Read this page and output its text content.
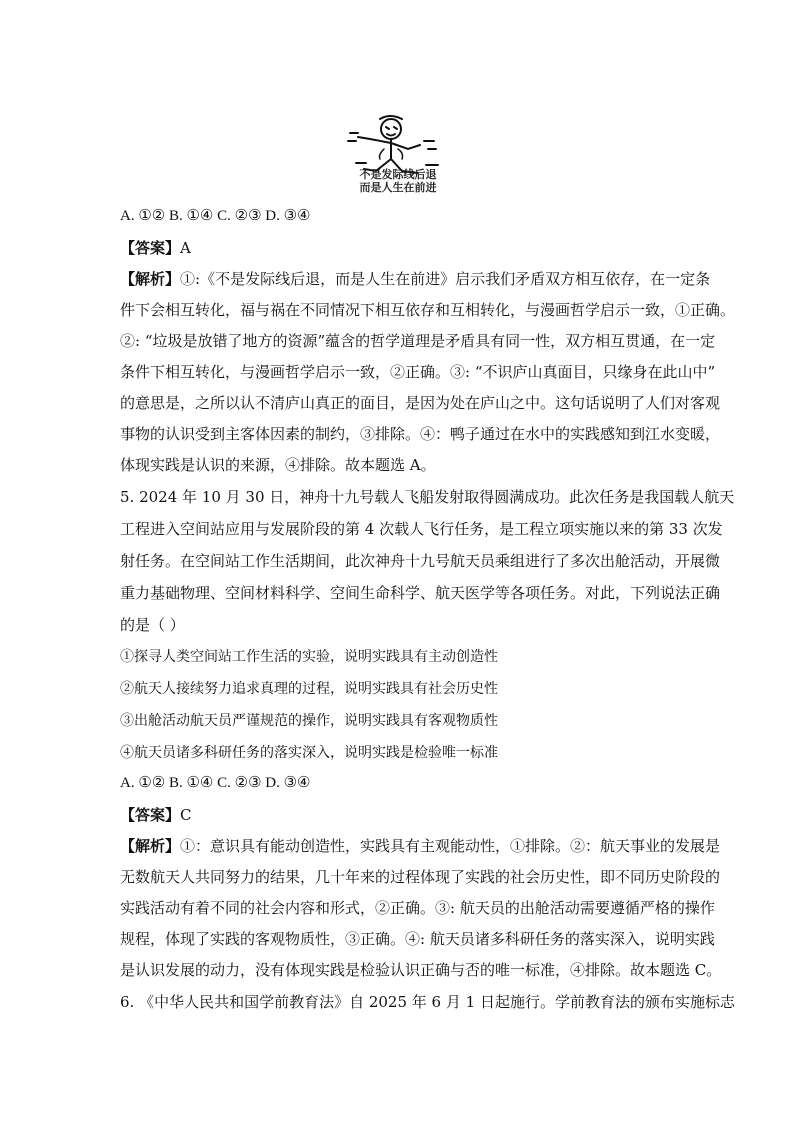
不是发际线后退
而是人生在前进
A. ①② B. ①④ C. ②③ D. ③④
【答案】A
【解析】①:《不是发际线后退，而是人生在前进》启示我们矛盾双方相互依存，在一定条
件下会相互转化，福与祸在不同情况下相互依存和互相转化，与漫画哲学启示一致，①正确。
②: “垃圾是放错了地方的资源”蕴含的哲学道理是矛盾具有同一性，双方相互贯通，在一定
条件下相互转化，与漫画哲学启示一致，②正确。③: “不识庐山真面目，只缘身在此山中”
的意思是，之所以认不清庐山真正的面目，是因为处在庐山之中。这句话说明了人们对客观
事物的认识受到主客体因素的制约，③排除。④：鸭子通过在水中的实践感知到江水变暖，
体现实践是认识的来源，④排除。故本题选 A。
5. 2024 年 10 月 30 日，神舟十九号载人飞船发射取得圆满成功。此次任务是我国载人航天
工程进入空间站应用与发展阶段的第 4 次载人飞行任务，是工程立项实施以来的第 33 次发
射任务。在空间站工作生活期间，此次神舟十九号航天员乘组进行了多次出舱活动，开展微
重力基础物理、空间材料科学、空间生命科学、航天医学等各项任务。对此，下列说法正确
的是（ ）
①探寻人类空间站工作生活的实验，说明实践具有主动创造性
②航天人接续努力追求真理的过程，说明实践具有社会历史性
③出舱活动航天员严谨规范的操作，说明实践具有客观物质性
④航天员诸多科研任务的落实深入，说明实践是检验唯一标准
A. ①② B. ①④ C. ②③ D. ③④
【答案】C
【解析】①：意识具有能动创造性，实践具有主观能动性，①排除。②：航天事业的发展是
无数航天人共同努力的结果，几十年来的过程体现了实践的社会历史性，即不同历史阶段的
实践活动有着不同的社会内容和形式，②正确。③: 航天员的出舱活动需要遵循严格的操作
规程，体现了实践的客观物质性，③正确。④: 航天员诸多科研任务的落实深入，说明实践
是认识发展的动力，没有体现实践是检验认识正确与否的唯一标准，④排除。故本题选 C。
6. 《中华人民共和国学前教育法》自 2025 年 6 月 1 日起施行。学前教育法的颁布实施标志
